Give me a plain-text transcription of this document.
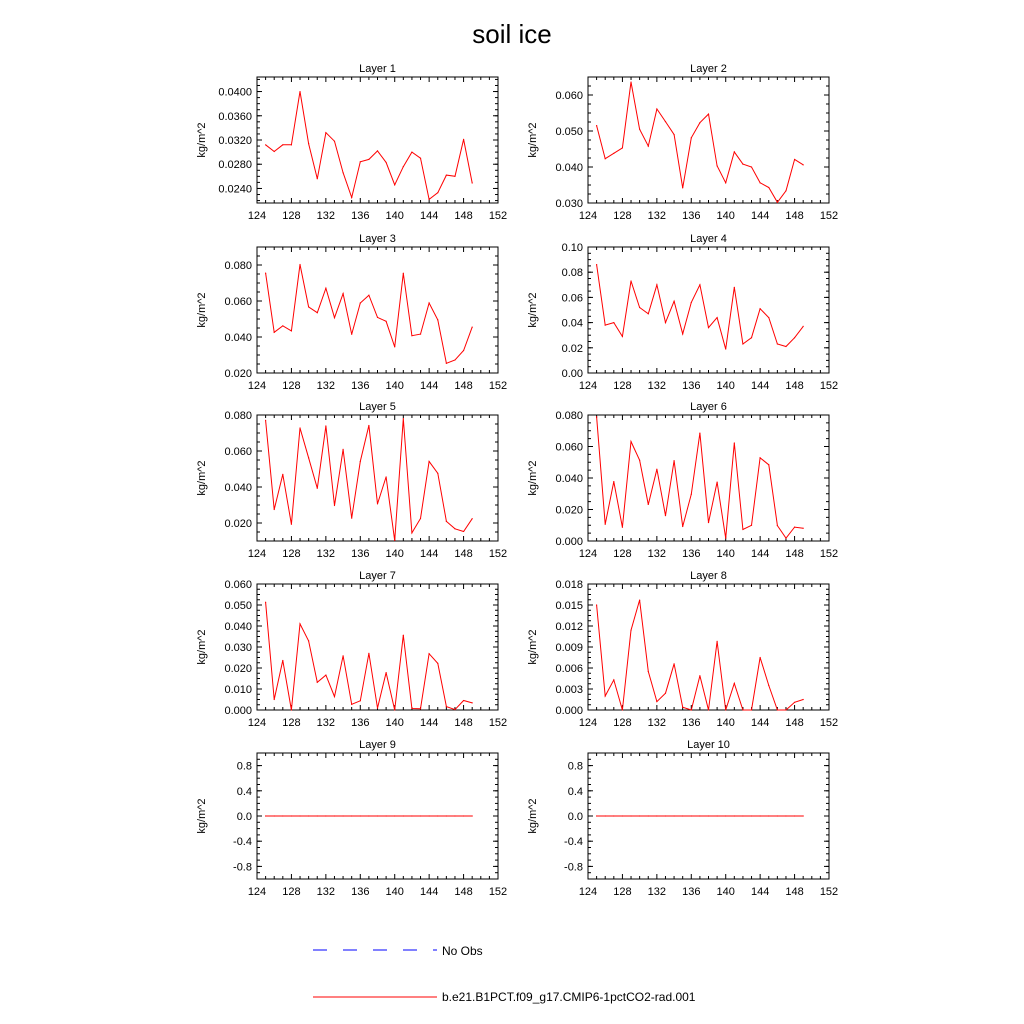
soil ice
Layer 1
124 128 132 136 140 144 148 152
0.0240
0.0280
0.0320
0.0360
0.0400
kg/m^2
Layer 2
124 128 132 136 140 144 148 152
0.030
0.040
0.050
0.060
kg/m^2
Layer 3
124 128 132 136 140 144 148 152
0.020
0.040
0.060
0.080
kg/m^2
Layer 4
124 128 132 136 140 144 148 152
0.00
0.02
0.04
0.06
0.08
0.10
kg/m^2
Layer 5
124 128 132 136 140 144 148 152
0.020
0.040
0.060
0.080
kg/m^2
Layer 6
124 128 132 136 140 144 148 152
0.000
0.020
0.040
0.060
0.080
kg/m^2
Layer 7
124 128 132 136 140 144 148 152
0.000
0.010
0.020
0.030
0.040
0.050
0.060
kg/m^2
Layer 8
124 128 132 136 140 144 148 152
0.000
0.003
0.006
0.009
0.012
0.015
0.018
kg/m^2
Layer 9
124 128 132 136 140 144 148 152
-0.8
-0.4
0.0
0.4
0.8
kg/m^2
Layer 10
124 128 132 136 140 144 148 152
-0.8
-0.4
0.0
0.4
0.8
kg/m^2
No Obs
b.e21.B1PCT.f09_g17.CMIP6-1pctCO2-rad.001
